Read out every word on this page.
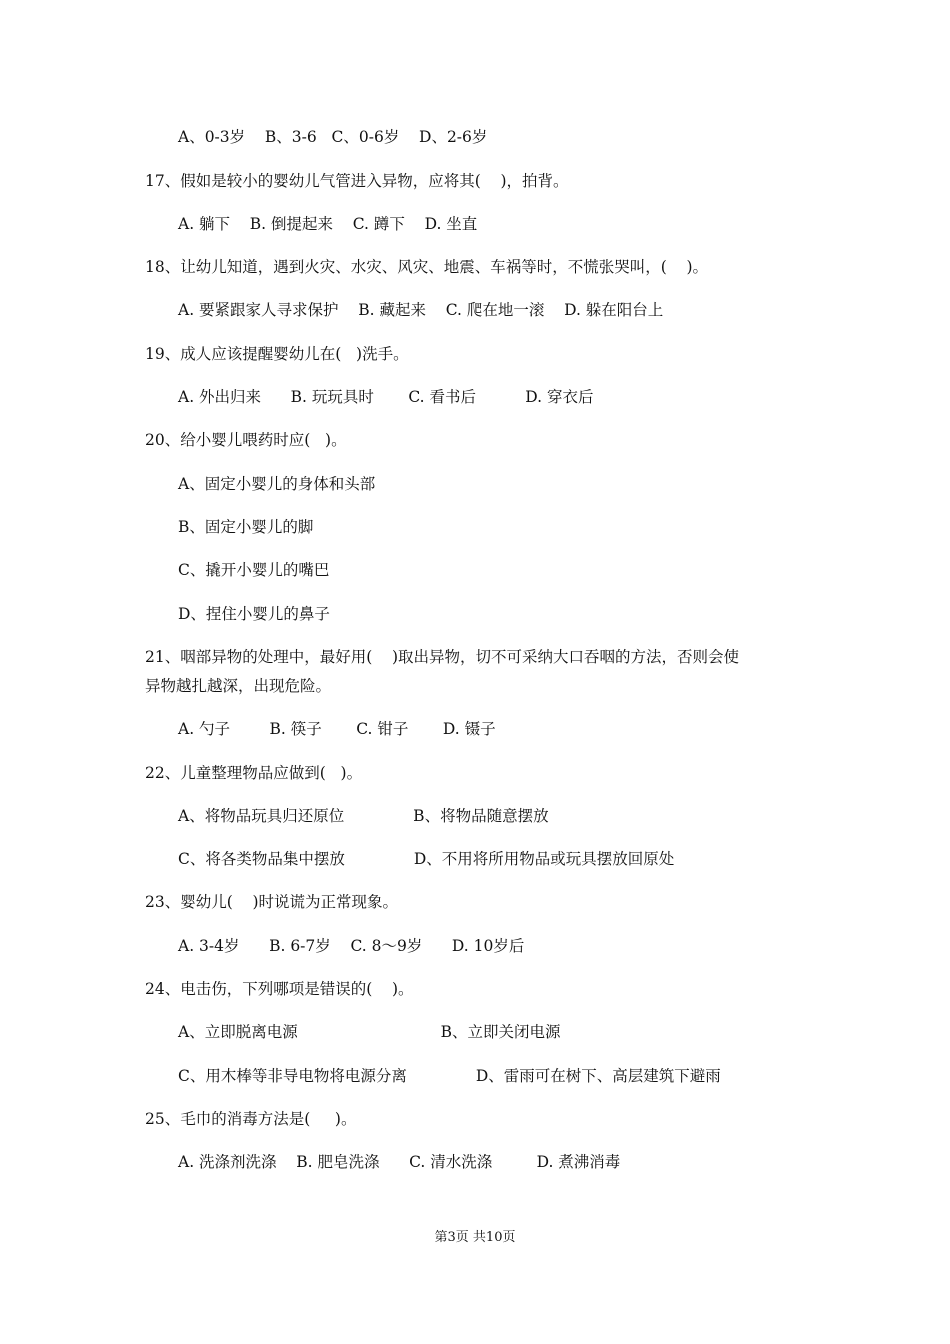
A、0-3岁    B、3-6   C、0-6岁    D、2-6岁
17、假如是较小的婴幼儿气管进入异物，应将其(    )，拍背。
A. 躺下    B. 倒提起来    C. 蹲下    D. 坐直
18、让幼儿知道，遇到火灾、水灾、风灾、地震、车祸等时，不慌张哭叫，(    )。
A. 要紧跟家人寻求保护    B. 藏起来    C. 爬在地一滚    D. 躲在阳台上
19、成人应该提醒婴幼儿在(   )洗手。
A. 外出归来      B. 玩玩具时       C. 看书后          D. 穿衣后
20、给小婴儿喂药时应(   )。
A、固定小婴儿的身体和头部
B、固定小婴儿的脚
C、撬开小婴儿的嘴巴
D、捏住小婴儿的鼻子
21、咽部异物的处理中，最好用(    )取出异物，切不可采纳大口吞咽的方法，否则会使
异物越扎越深，出现危险。
A. 勺子        B. 筷子       C. 钳子       D. 镊子
22、儿童整理物品应做到(   )。
A、将物品玩具归还原位              B、将物品随意摆放
C、将各类物品集中摆放              D、不用将所用物品或玩具摆放回原处
23、婴幼儿(    )时说谎为正常现象。
A. 3-4岁      B. 6-7岁    C. 8～9岁      D. 10岁后
24、电击伤，下列哪项是错误的(    )。
A、立即脱离电源                             B、立即关闭电源
C、用木棒等非导电物将电源分离              D、雷雨可在树下、高层建筑下避雨
25、毛巾的消毒方法是(     )。
A. 洗涤剂洗涤    B. 肥皂洗涤      C. 清水洗涤         D. 煮沸消毒
第3页 共10页
